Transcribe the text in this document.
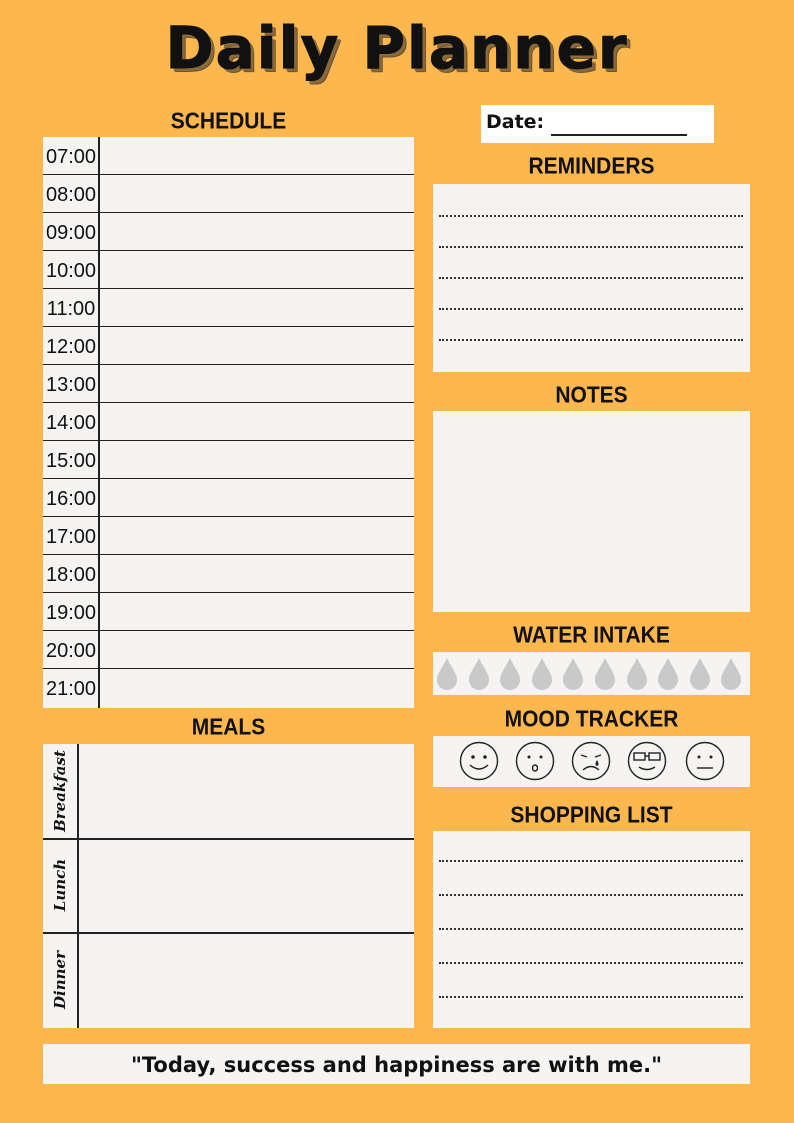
Daily Planner
SCHEDULE
07:00
08:00
09:00
10:00
11:00
12:00
13:00
14:00
15:00
16:00
17:00
18:00
19:00
20:00
21:00
Date:
REMINDERS
NOTES
WATER INTAKE
MOOD TRACKER
SHOPPING LIST
MEALS
Breakfast
Lunch
Dinner
"Today, success and happiness are with me."
